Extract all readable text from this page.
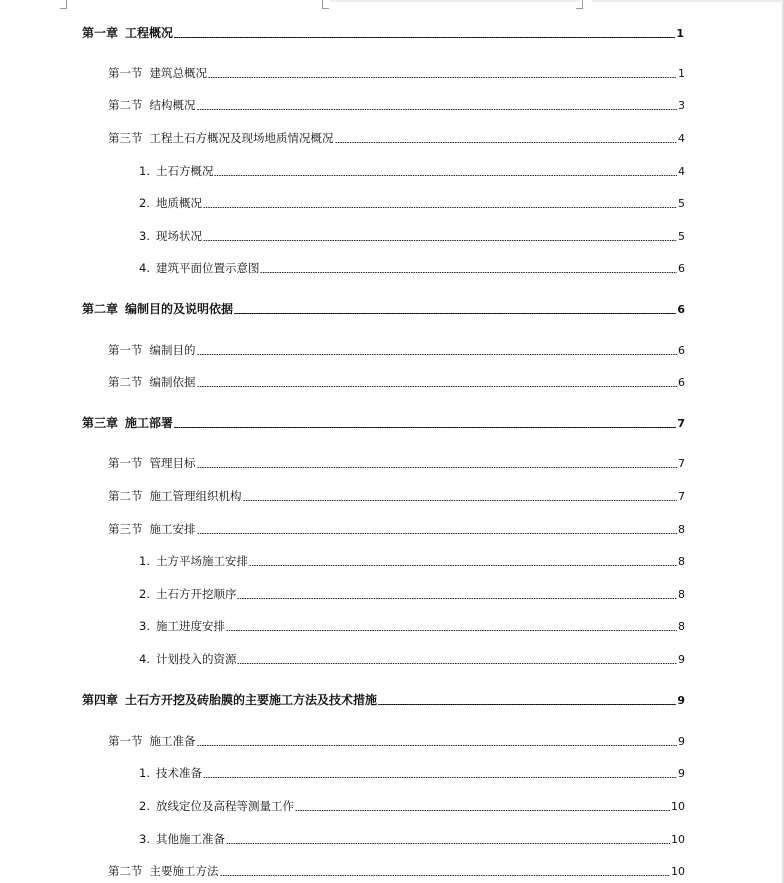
第一章 工程概况	1
第一节 建筑总概况	1
第二节 结构概况	3
第三节 工程土石方概况及现场地质情况概况	4
1. 土石方概况	4
2. 地质概况	5
3. 现场状况	5
4. 建筑平面位置示意图	6
第二章 编制目的及说明依据	6
第一节 编制目的	6
第二节 编制依据	6
第三章 施工部署	7
第一节 管理目标	7
第二节 施工管理组织机构	7
第三节 施工安排	8
1. 土方平场施工安排	8
2. 土石方开挖顺序	8
3. 施工进度安排	8
4. 计划投入的资源	9
第四章 土石方开挖及砖胎膜的主要施工方法及技术措施	9
第一节 施工准备	9
1. 技术准备	9
2. 放线定位及高程等测量工作	10
3. 其他施工准备	10
第二节 主要施工方法	10
